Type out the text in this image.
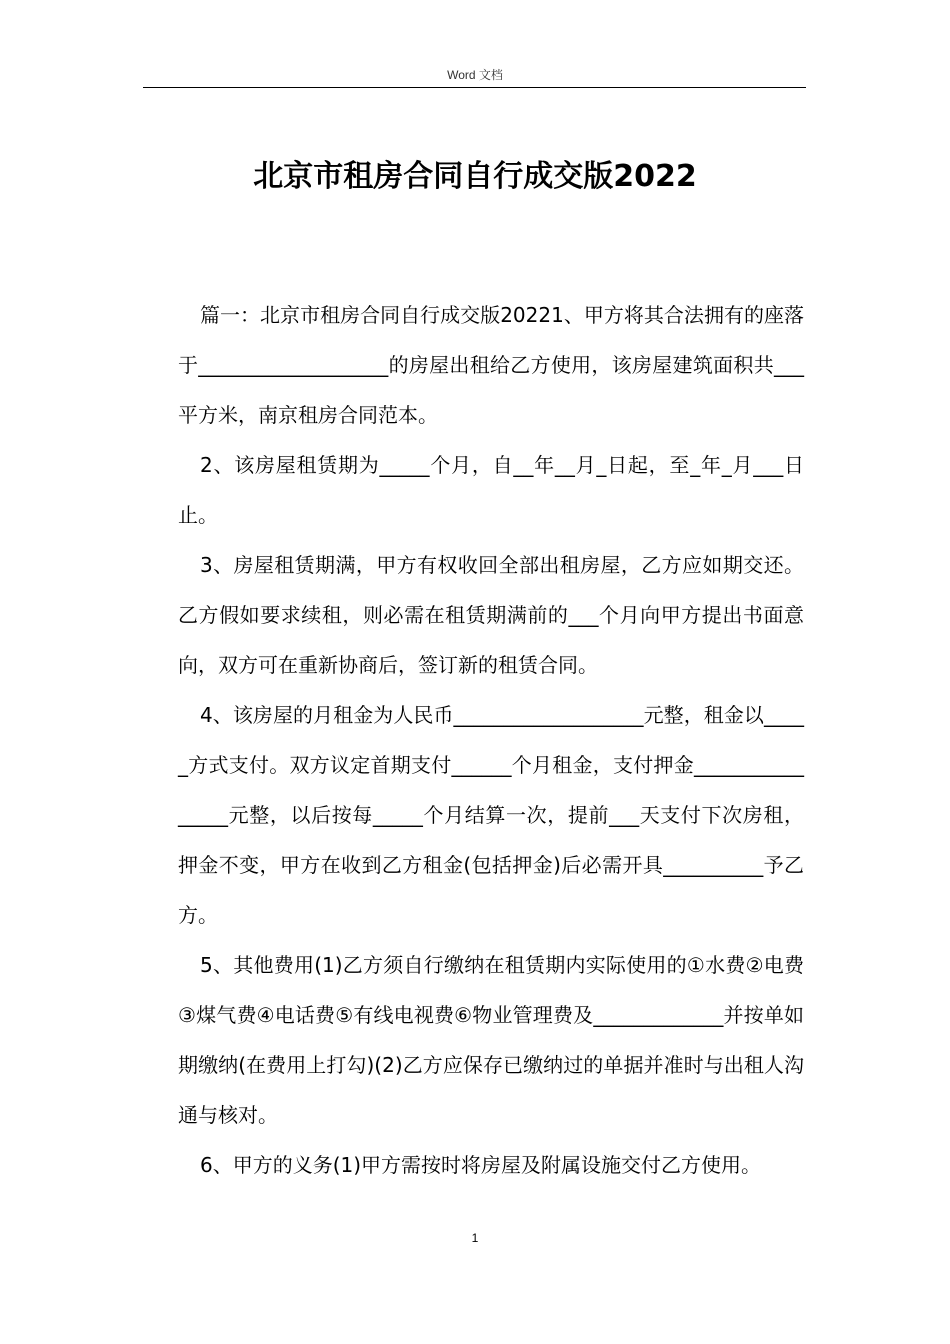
Word 文档
北京市租房合同自行成交版2022

篇一：北京市租房合同自行成交版20221、甲方将其合法拥有的座落于___________________的房屋出租给乙方使用，该房屋建筑面积共___平方米，南京租房合同范本。

2、该房屋租赁期为_____个月，自__年__月_日起，至_年_月___日止。

3、房屋租赁期满，甲方有权收回全部出租房屋，乙方应如期交还。乙方假如要求续租，则必需在租赁期满前的___个月向甲方提出书面意向，双方可在重新协商后，签订新的租赁合同。

4、该房屋的月租金为人民币___________________元整，租金以_____方式支付。双方议定首期支付______个月租金，支付押金________________元整，以后按每_____个月结算一次，提前___天支付下次房租，押金不变，甲方在收到乙方租金(包括押金)后必需开具__________予乙方。

5、其他费用(1)乙方须自行缴纳在租赁期内实际使用的①水费②电费③煤气费④电话费⑤有线电视费⑥物业管理费及_____________并按单如期缴纳(在费用上打勾)(2)乙方应保存已缴纳过的单据并准时与出租人沟通与核对。

6、甲方的义务(1)甲方需按时将房屋及附属设施交付乙方使用。

1
